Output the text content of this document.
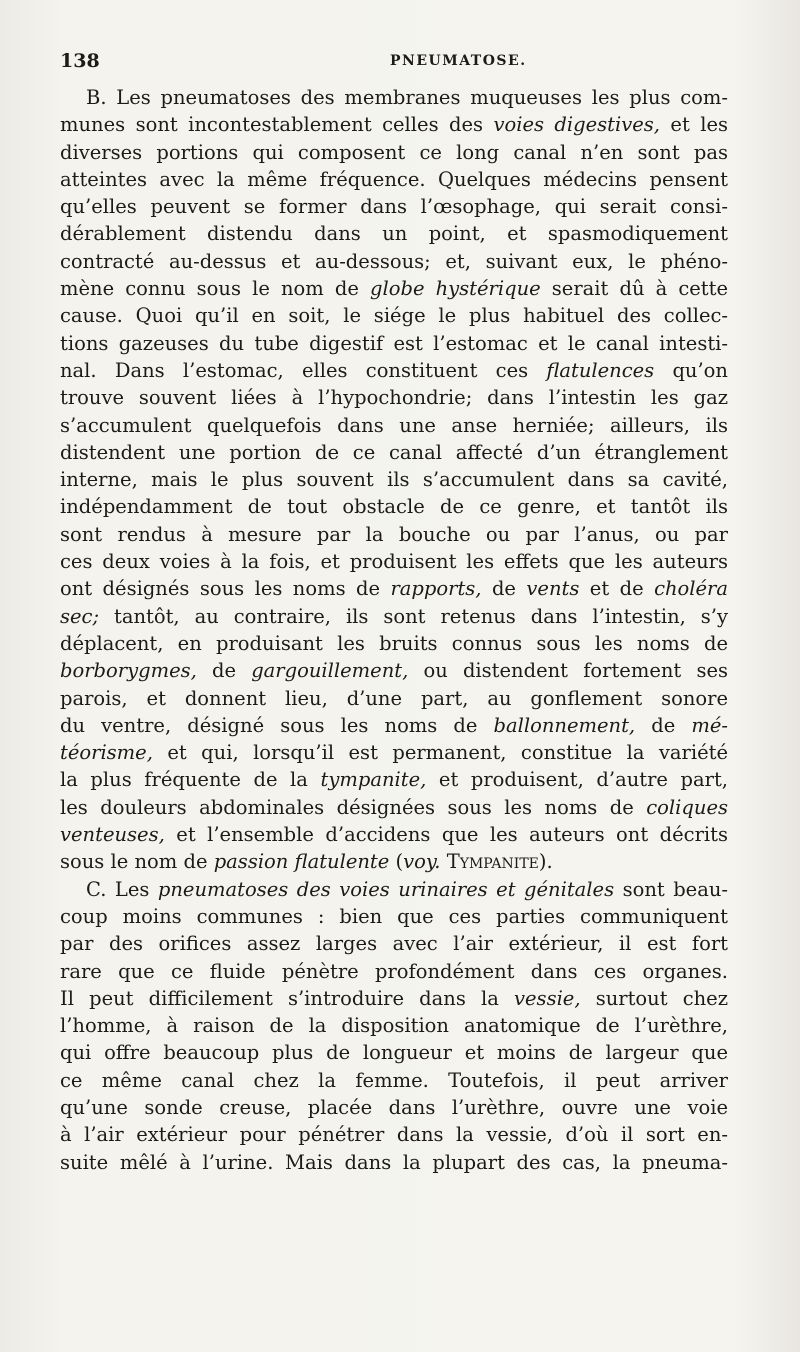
138	PNEUMATOSE.
B. Les pneumatoses des membranes muqueuses les plus com-
munes sont incontestablement celles des voies digestives, et les
diverses portions qui composent ce long canal n’en sont pas
atteintes avec la même fréquence. Quelques médecins pensent
qu’elles peuvent se former dans l’œsophage, qui serait consi-
dérablement distendu dans un point, et spasmodiquement
contracté au-dessus et au-dessous; et, suivant eux, le phéno-
mène connu sous le nom de globe hystérique serait dû à cette
cause. Quoi qu’il en soit, le siége le plus habituel des collec-
tions gazeuses du tube digestif est l’estomac et le canal intesti-
nal. Dans l’estomac, elles constituent ces flatulences qu’on
trouve souvent liées à l’hypochondrie; dans l’intestin les gaz
s’accumulent quelquefois dans une anse herniée; ailleurs, ils
distendent une portion de ce canal affecté d’un étranglement
interne, mais le plus souvent ils s’accumulent dans sa cavité,
indépendamment de tout obstacle de ce genre, et tantôt ils
sont rendus à mesure par la bouche ou par l’anus, ou par
ces deux voies à la fois, et produisent les effets que les auteurs
ont désignés sous les noms de rapports, de vents et de choléra
sec; tantôt, au contraire, ils sont retenus dans l’intestin, s’y
déplacent, en produisant les bruits connus sous les noms de
borborygmes, de gargouillement, ou distendent fortement ses
parois, et donnent lieu, d’une part, au gonflement sonore
du ventre, désigné sous les noms de ballonnement, de mé-
téorisme, et qui, lorsqu’il est permanent, constitue la variété
la plus fréquente de la tympanite, et produisent, d’autre part,
les douleurs abdominales désignées sous les noms de coliques
venteuses, et l’ensemble d’accidens que les auteurs ont décrits
sous le nom de passion flatulente (voy. Tympanite).
C. Les pneumatoses des voies urinaires et génitales sont beau-
coup moins communes : bien que ces parties communiquent
par des orifices assez larges avec l’air extérieur, il est fort
rare que ce fluide pénètre profondément dans ces organes.
Il peut difficilement s’introduire dans la vessie, surtout chez
l’homme, à raison de la disposition anatomique de l’urèthre,
qui offre beaucoup plus de longueur et moins de largeur que
ce même canal chez la femme. Toutefois, il peut arriver
qu’une sonde creuse, placée dans l’urèthre, ouvre une voie
à l’air extérieur pour pénétrer dans la vessie, d’où il sort en-
suite mêlé à l’urine. Mais dans la plupart des cas, la pneuma-
